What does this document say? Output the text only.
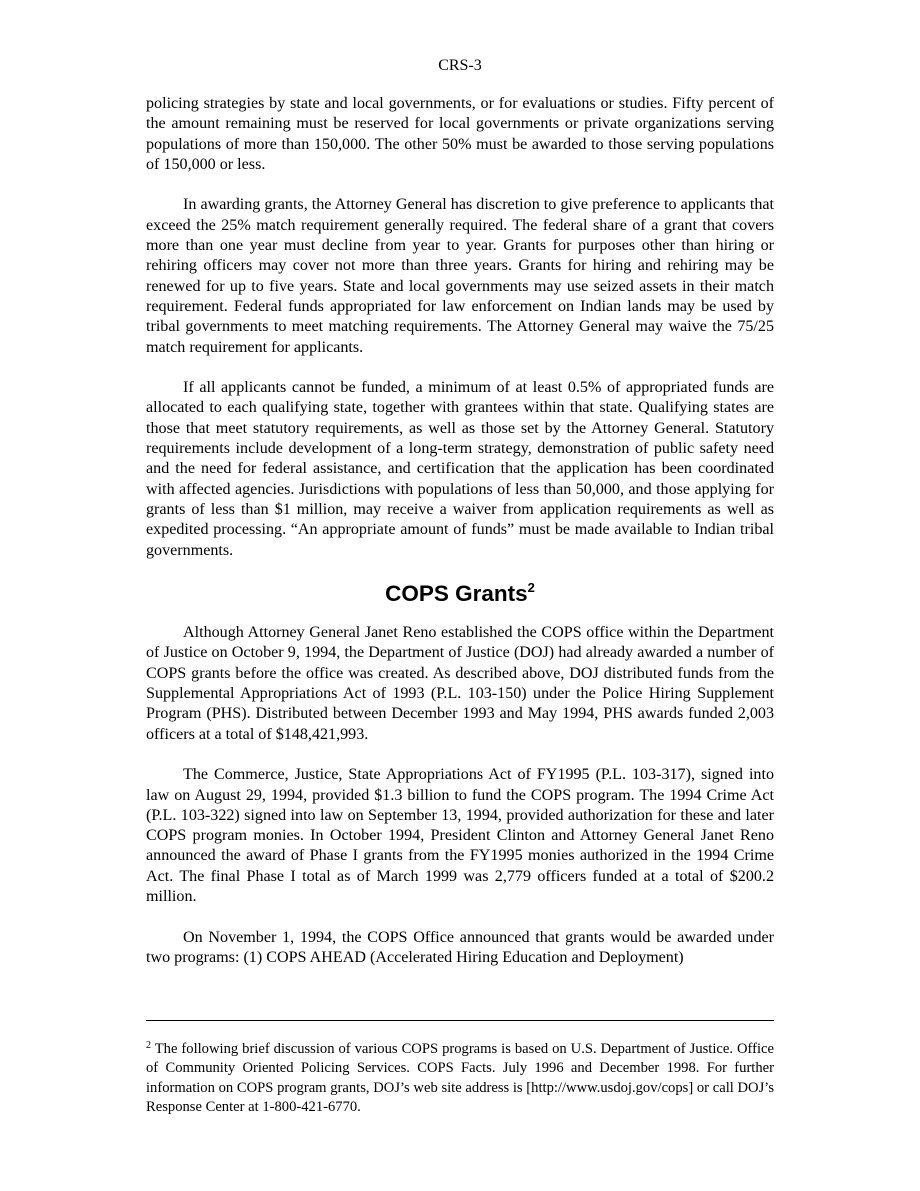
CRS-3

policing strategies by state and local governments, or for evaluations or studies. Fifty percent of the amount remaining must be reserved for local governments or private organizations serving populations of more than 150,000. The other 50% must be awarded to those serving populations of 150,000 or less.

In awarding grants, the Attorney General has discretion to give preference to applicants that exceed the 25% match requirement generally required. The federal share of a grant that covers more than one year must decline from year to year. Grants for purposes other than hiring or rehiring officers may cover not more than three years. Grants for hiring and rehiring may be renewed for up to five years. State and local governments may use seized assets in their match requirement. Federal funds appropriated for law enforcement on Indian lands may be used by tribal governments to meet matching requirements. The Attorney General may waive the 75/25 match requirement for applicants.

If all applicants cannot be funded, a minimum of at least 0.5% of appropriated funds are allocated to each qualifying state, together with grantees within that state. Qualifying states are those that meet statutory requirements, as well as those set by the Attorney General. Statutory requirements include development of a long-term strategy, demonstration of public safety need and the need for federal assistance, and certification that the application has been coordinated with affected agencies. Jurisdictions with populations of less than 50,000, and those applying for grants of less than $1 million, may receive a waiver from application requirements as well as expedited processing. “An appropriate amount of funds” must be made available to Indian tribal governments.

COPS Grants$^2$

Although Attorney General Janet Reno established the COPS office within the Department of Justice on October 9, 1994, the Department of Justice (DOJ) had already awarded a number of COPS grants before the office was created. As described above, DOJ distributed funds from the Supplemental Appropriations Act of 1993 (P.L. 103-150) under the Police Hiring Supplement Program (PHS). Distributed between December 1993 and May 1994, PHS awards funded 2,003 officers at a total of $148,421,993.

The Commerce, Justice, State Appropriations Act of FY1995 (P.L. 103-317), signed into law on August 29, 1994, provided $1.3 billion to fund the COPS program. The 1994 Crime Act (P.L. 103-322) signed into law on September 13, 1994, provided authorization for these and later COPS program monies. In October 1994, President Clinton and Attorney General Janet Reno announced the award of Phase I grants from the FY1995 monies authorized in the 1994 Crime Act. The final Phase I total as of March 1999 was 2,779 officers funded at a total of $200.2 million.

On November 1, 1994, the COPS Office announced that grants would be awarded under two programs: (1) COPS AHEAD (Accelerated Hiring Education and Deployment)

$^2$ The following brief discussion of various COPS programs is based on U.S. Department of Justice. Office of Community Oriented Policing Services. COPS Facts. July 1996 and December 1998. For further information on COPS program grants, DOJ’s web site address is [http://www.usdoj.gov/cops] or call DOJ’s Response Center at 1-800-421-6770.
